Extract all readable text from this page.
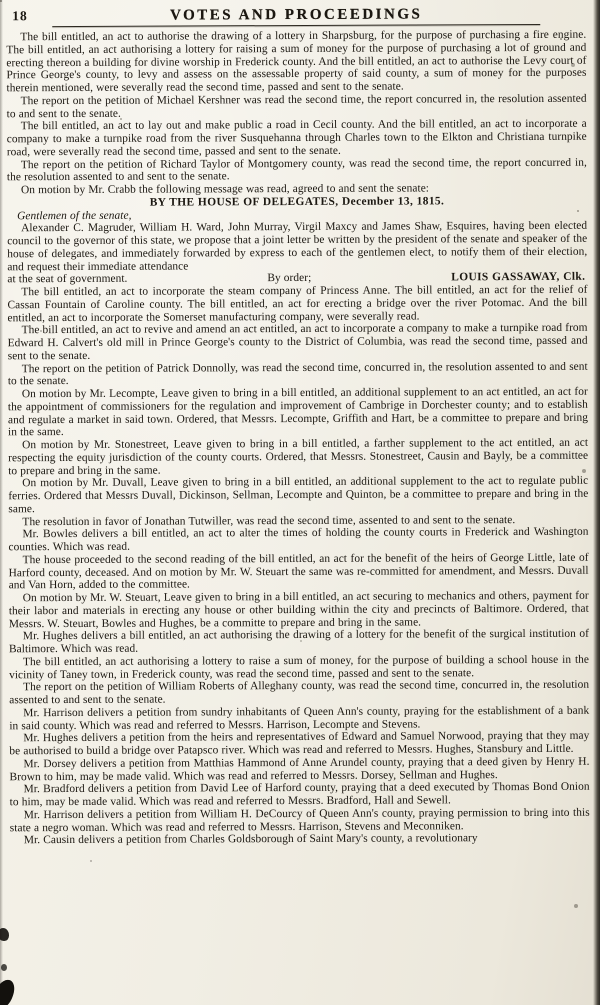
18	VOTES AND PROCEEDINGS

The bill entitled, an act to authorise the drawing of a lottery in Sharpsburg, for the purpose of purchasing a fire engine. The bill entitled, an act authorising a lottery for raising a sum of money for the purpose of purchasing a lot of ground and erecting thereon a building for divine worship in Frederick county. And the bill entitled, an act to authorise the Levy court of Prince George's county, to levy and assess on the assessable property of said county, a sum of money for the purposes therein mentioned, were severally read the second time, passed and sent to the senate.

The report on the petition of Michael Kershner was read the second time, the report concurred in, the resolution assented to and sent to the senate.

The bill entitled, an act to lay out and make public a road in Cecil county. And the bill entitled, an act to incorporate a company to make a turnpike road from the river Susquehanna through Charles town to the Elkton and Christiana turnpike road, were severally read the second time, passed and sent to the senate.

The report on the petition of Richard Taylor of Montgomery county, was read the second time, the report concurred in, the resolution assented to and sent to the senate.

On motion by Mr. Crabb the following message was read, agreed to and sent the senate:

BY THE HOUSE OF DELEGATES, December 13, 1815.

Gentlemen of the senate,

Alexander C. Magruder, William H. Ward, John Murray, Virgil Maxcy and James Shaw, Esquires, having been elected council to the governor of this state, we propose that a joint letter be written by the president of the senate and speaker of the house of delegates, and immediately forwarded by express to each of the gentlemen elect, to notify them of their election, and request their immediate attendance

at the seat of government.	By order;	LOUIS GASSAWAY, Clk.

The bill entitled, an act to incorporate the steam company of Princess Anne. The bill entitled, an act for the relief of Cassan Fountain of Caroline county. The bill entitled, an act for erecting a bridge over the river Potomac. And the bill entitled, an act to incorporate the Somerset manufacturing company, were severally read.

The bill entitled, an act to revive and amend an act entitled, an act to incorporate a company to make a turnpike road from Edward H. Calvert's old mill in Prince George's county to the District of Columbia, was read the second time, passed and sent to the senate.

The report on the petition of Patrick Donnolly, was read the second time, concurred in, the resolution assented to and sent to the senate.

On motion by Mr. Lecompte, Leave given to bring in a bill entitled, an additional supplement to an act entitled, an act for the appointment of commissioners for the regulation and improvement of Cambrige in Dorchester county; and to establish and regulate a market in said town. Ordered, that Messrs. Lecompte, Griffith and Hart, be a committee to prepare and bring in the same.

On motion by Mr. Stonestreet, Leave given to bring in a bill entitled, a farther supplement to the act entitled, an act respecting the equity jurisdiction of the county courts. Ordered, that Messrs. Stonestreet, Causin and Bayly, be a committee to prepare and bring in the same.

On motion by Mr. Duvall, Leave given to bring in a bill entitled, an additional supplement to the act to regulate public ferries. Ordered that Messrs Duvall, Dickinson, Sellman, Lecompte and Quinton, be a committee to prepare and bring in the same.

The resolution in favor of Jonathan Tutwiller, was read the second time, assented to and sent to the senate.

Mr. Bowles delivers a bill entitled, an act to alter the times of holding the county courts in Frederick and Washington counties. Which was read.

The house proceeded to the second reading of the bill entitled, an act for the benefit of the heirs of George Little, late of Harford county, deceased. And on motion by Mr. W. Steuart the same was re-committed for amendment, and Messrs. Duvall and Van Horn, added to the committee.

On motion by Mr. W. Steuart, Leave given to bring in a bill entitled, an act securing to mechanics and others, payment for their labor and materials in erecting any house or other building within the city and precincts of Baltimore. Ordered, that Messrs. W. Steuart, Bowles and Hughes, be a committe to prepare and bring in the same.

Mr. Hughes delivers a bill entitled, an act authorising the drawing of a lottery for the benefit of the surgical institution of Baltimore. Which was read.

The bill entitled, an act authorising a lottery to raise a sum of money, for the purpose of building a school house in the vicinity of Taney town, in Frederick county, was read the second time, passed and sent to the senate.

The report on the petition of William Roberts of Alleghany county, was read the second time, concurred in, the resolution assented to and sent to the senate.

Mr. Harrison delivers a petition from sundry inhabitants of Queen Ann's county, praying for the establishment of a bank in said county. Which was read and referred to Messrs. Harrison, Lecompte and Stevens.

Mr. Hughes delivers a petition from the heirs and representatives of Edward and Samuel Norwood, praying that they may be authorised to build a bridge over Patapsco river. Which was read and referred to Messrs. Hughes, Stansbury and Little.

Mr. Dorsey delivers a petition from Matthias Hammond of Anne Arundel county, praying that a deed given by Henry H. Brown to him, may be made valid. Which was read and referred to Messrs. Dorsey, Sellman and Hughes.

Mr. Bradford delivers a petition from David Lee of Harford county, praying that a deed executed by Thomas Bond Onion to him, may be made valid. Which was read and referred to Messrs. Bradford, Hall and Sewell.

Mr. Harrison delivers a petition from William H. DeCourcy of Queen Ann's county, praying permission to bring into this state a negro woman. Which was read and referred to Messrs. Harrison, Stevens and Meconniken.

Mr. Causin delivers a petition from Charles Goldsborough of Saint Mary's county, a revolutionary
